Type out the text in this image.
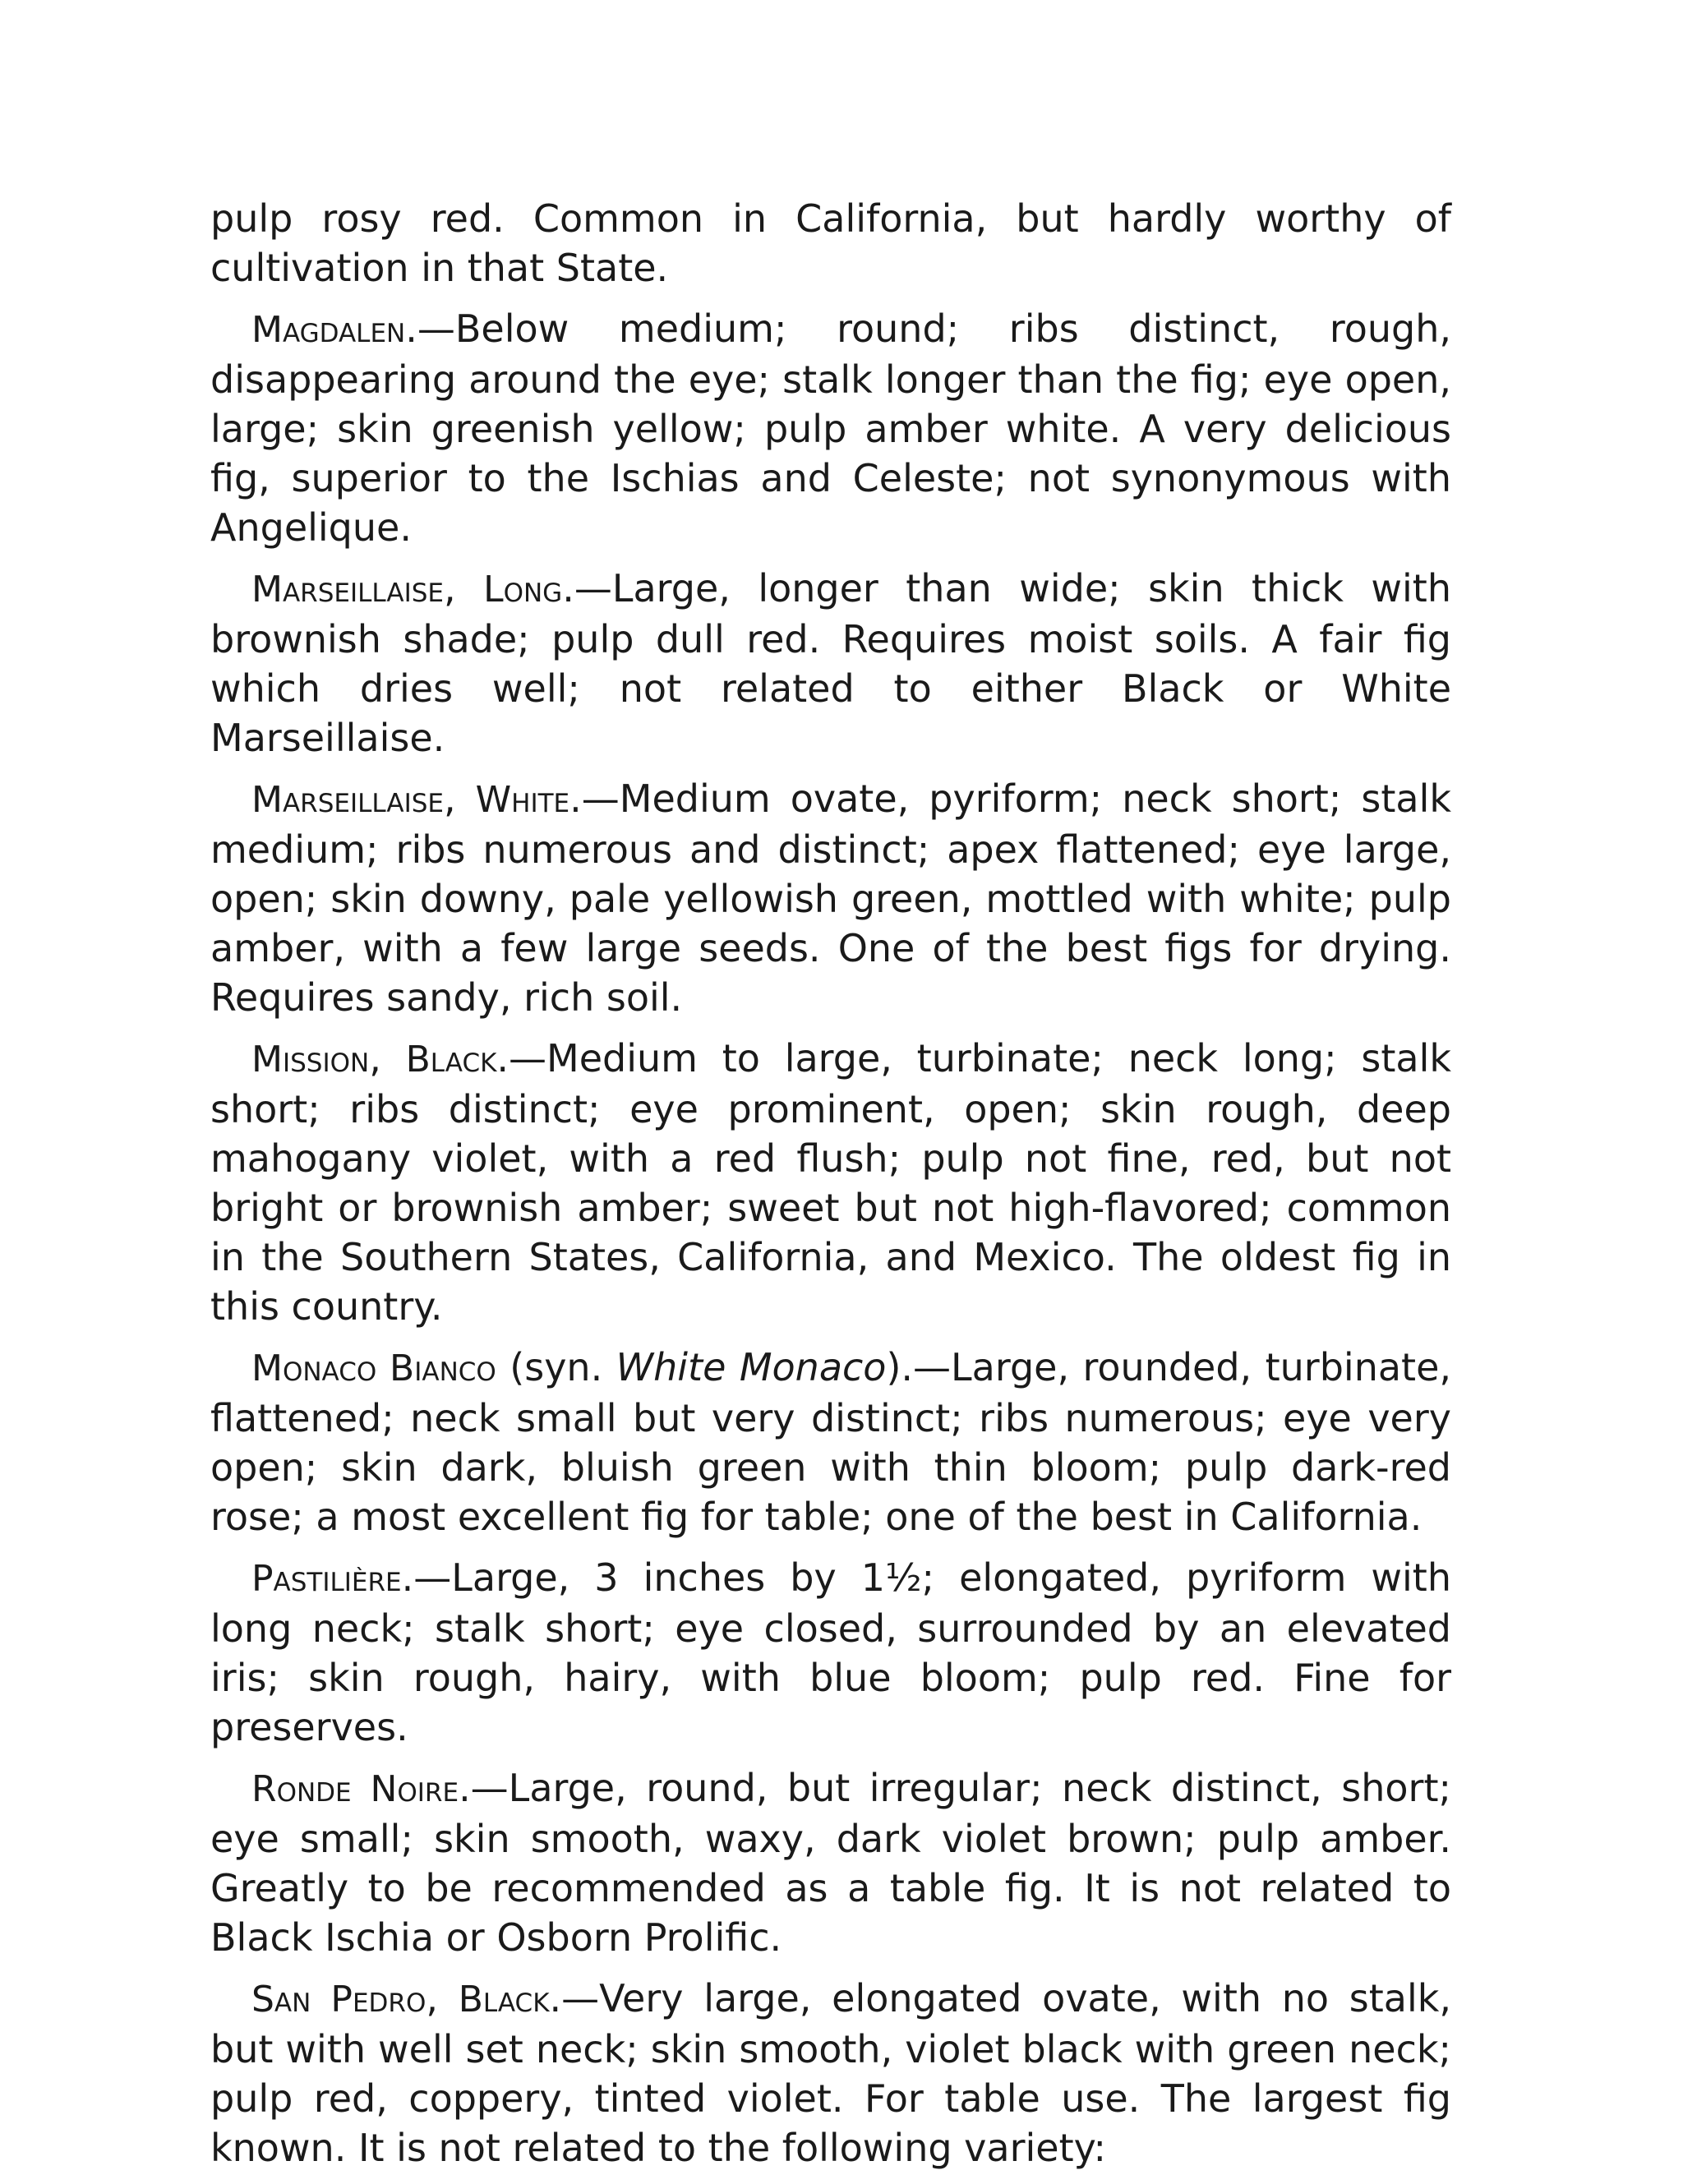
pulp rosy red. Common in California, but hardly worthy of cultivation in that State.

Magdalen.—Below medium; round; ribs distinct, rough, disappearing around the eye; stalk longer than the fig; eye open, large; skin greenish yellow; pulp amber white. A very delicious fig, superior to the Ischias and Celeste; not synonymous with Angelique.

Marseillaise, Long.—Large, longer than wide; skin thick with brownish shade; pulp dull red. Requires moist soils. A fair fig which dries well; not related to either Black or White Marseillaise.

Marseillaise, White.—Medium ovate, pyriform; neck short; stalk medium; ribs numerous and distinct; apex flattened; eye large, open; skin downy, pale yellowish green, mottled with white; pulp amber, with a few large seeds. One of the best figs for drying. Requires sandy, rich soil.

Mission, Black.—Medium to large, turbinate; neck long; stalk short; ribs distinct; eye prominent, open; skin rough, deep mahogany violet, with a red flush; pulp not fine, red, but not bright or brownish amber; sweet but not high-flavored; common in the Southern States, California, and Mexico. The oldest fig in this country.

Monaco Bianco (syn. White Monaco).—Large, rounded, turbinate, flattened; neck small but very distinct; ribs numerous; eye very open; skin dark, bluish green with thin bloom; pulp dark-red rose; a most excellent fig for table; one of the best in California.

Pastilière.—Large, 3 inches by 1½; elongated, pyriform with long neck; stalk short; eye closed, surrounded by an elevated iris; skin rough, hairy, with blue bloom; pulp red. Fine for preserves.

Ronde Noire.—Large, round, but irregular; neck distinct, short; eye small; skin smooth, waxy, dark violet brown; pulp amber. Greatly to be recommended as a table fig. It is not related to Black Ischia or Osborn Prolific.

San Pedro, Black.—Very large, elongated ovate, with no stalk, but with well set neck; skin smooth, violet black with green neck; pulp red, coppery, tinted violet. For table use. The largest fig known. It is not related to the following variety:
